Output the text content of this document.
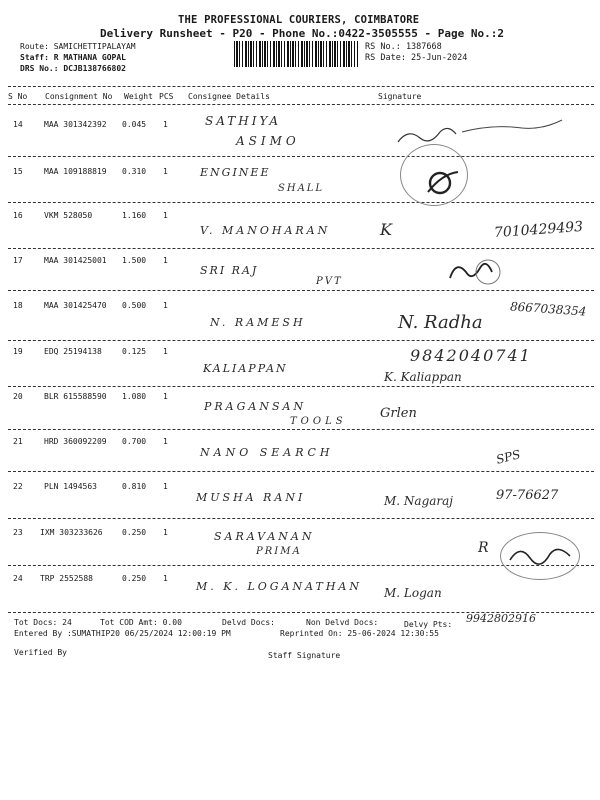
THE PROFESSIONAL COURIERS, COIMBATORE
Delivery Runsheet - P20 - Phone No.:0422-3505555 - Page No.:2
Route: SAMICHETTIPALAYAM
Staff: R MATHANA GOPAL
DRS No.: DCJB138766802
RS No.: 1387668
RS Date: 25-Jun-2024
S No Consignment No Weight PCS Consignee Details	Signature
14	MAA 301342392 0.045 1	SATHIYA
ASIMO
15	MAA 109188819 0.310 1	ENGINEE
SHALL
16	VKM 528050	1.160 1
V. MANOHARAN	K	7010429493
17	MAA 301425001 1.500 1
SRI RAJ
PVT
18	MAA 301425470 0.500 1
N. RAMESH	N. Radha
8667038354
19	EDQ 25194138	0.125 1
KALIAPPAN
9842040741
K. Kaliappan
20	BLR 615588590 1.080 1
PRAGANSAN
TOOLS
Grlen
21	HRD 360092209 0.700 1
NANO SEARCH	SPS
22	PLN 1494563	0.810 1
MUSHA RANI	M. Nagaraj	97-76627
23 IXM 303233626 0.250 1	SARAVANAN
PRIMA	R
24 TRP 2552588	0.250 1
M. K. LOGANATHAN M. Logan
Tot Docs: 24	Tot COD Amt: 0.00	Delvd Docs:	Non Delvd Docs:	Delvy Pts: 9942802916
Entered By :SUMATHIP20 06/25/2024 12:00:19 PM	Reprinted On: 25-06-2024 12:30:55
Verified By	Staff Signature
